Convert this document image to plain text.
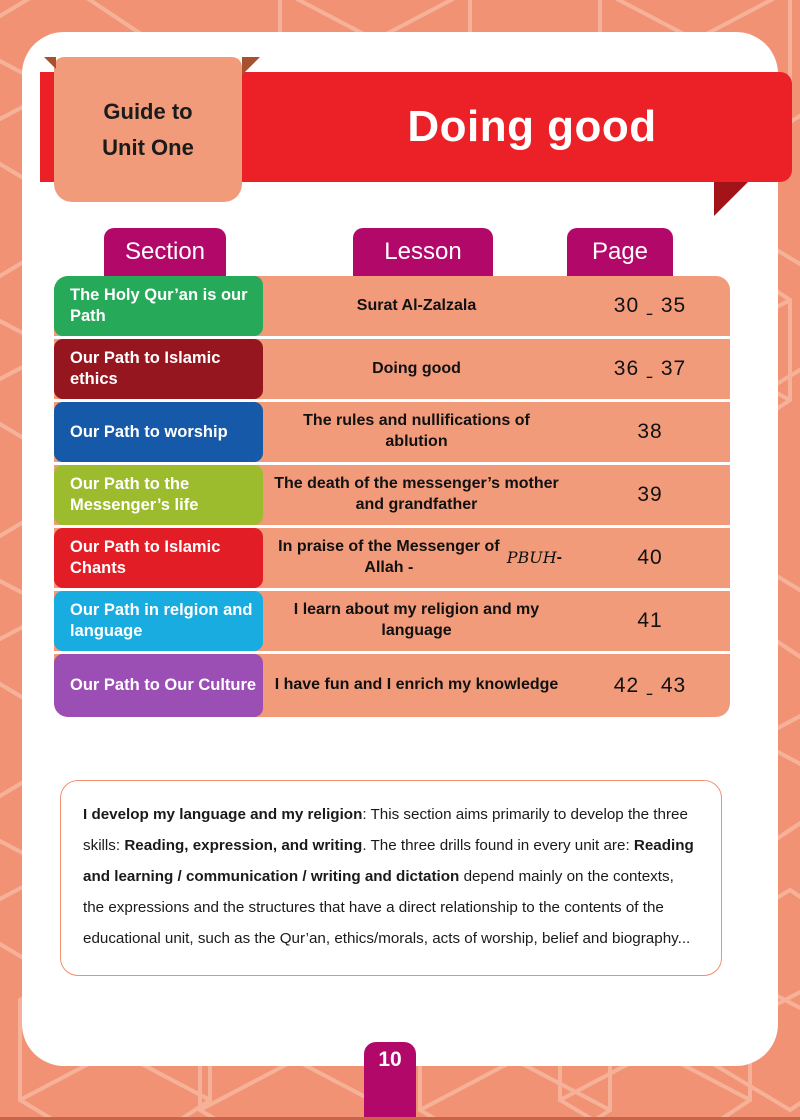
Doing good
Guide to
Unit One
Section	Lesson	Page
The Holy Qur’an is our Path
Surat Al-Zalzala	30 ˍ 35
Our Path to Islamic ethics
Doing good	36 ˍ 37
Our Path to worship
The rules and nullifications of ablution	38
Our Path to the Messenger’s life
The death of the messenger’s mother and grandfather	39
Our Path to Islamic Chants
In praise of the Messenger of Allah -
PBUH -	40
Our Path in relgion and language
I learn about my religion and my language	41
Our Path to Our Culture	I have fun and I enrich my knowledge	42 ˍ 43

I develop my language and my religion: This section aims primarily to develop the three skills: Reading, expression, and writing. The three drills found in every unit are: Reading and learning / communication / writing and dictation depend mainly on the contexts, the expressions and the structures that have a direct relationship to the contents of the educational unit, such as the Qur’an, ethics/morals, acts of worship, belief and biography...

10
